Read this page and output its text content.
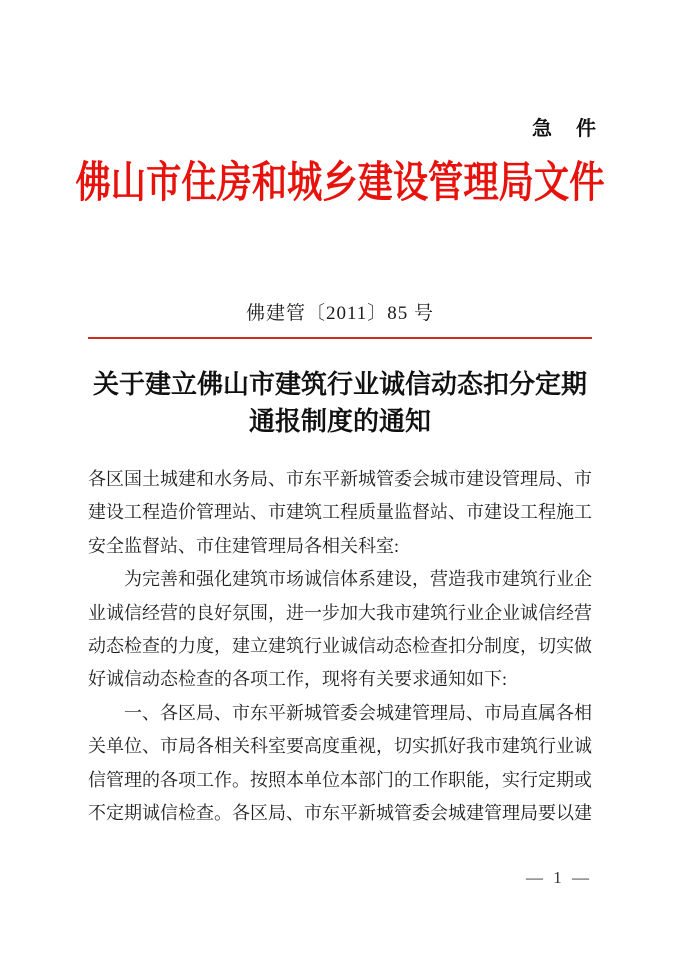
急　件
佛山市住房和城乡建设管理局文件
佛建管〔2011〕85 号
关于建立佛山市建筑行业诚信动态扣分定期
通报制度的通知

各区国土城建和水务局、市东平新城管委会城市建设管理局、市建设工程造价管理站、市建筑工程质量监督站、市建设工程施工安全监督站、市住建管理局各相关科室:

为完善和强化建筑市场诚信体系建设，营造我市建筑行业企业诚信经营的良好氛围，进一步加大我市建筑行业企业诚信经营动态检查的力度，建立建筑行业诚信动态检查扣分制度，切实做好诚信动态检查的各项工作，现将有关要求通知如下:

一、各区局、市东平新城管委会城建管理局、市局直属各相关单位、市局各相关科室要高度重视，切实抓好我市建筑行业诚信管理的各项工作。按照本单位本部门的工作职能，实行定期或不定期诚信检查。各区局、市东平新城管委会城建管理局要以建

— 1 —
